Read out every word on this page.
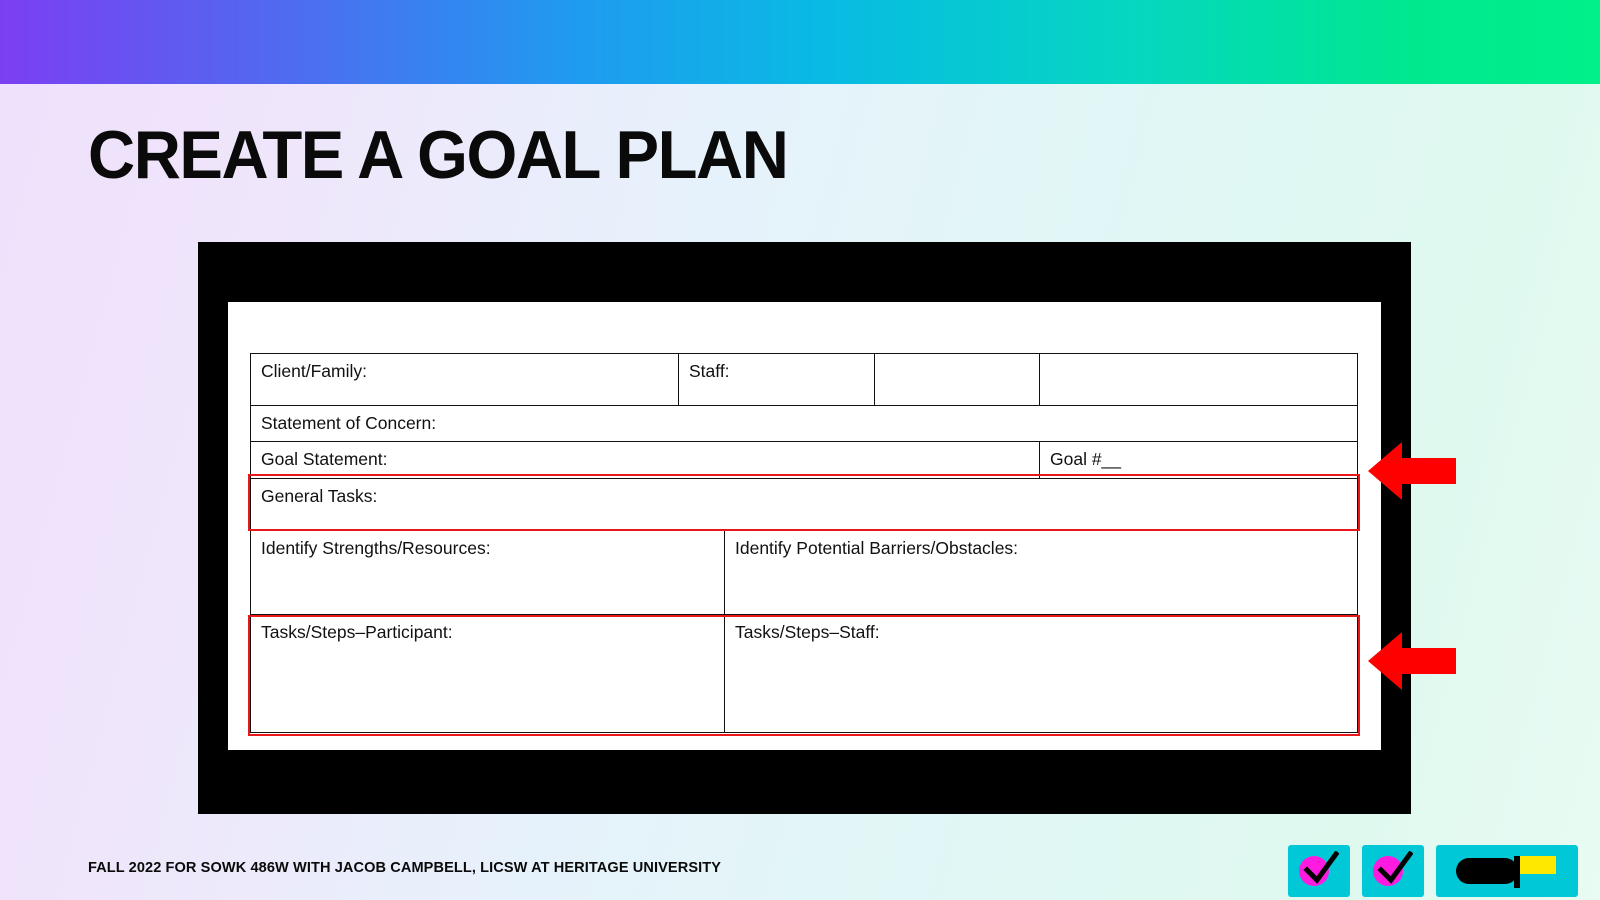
CREATE A GOAL PLAN
Client/Family:	Staff:
Statement of Concern:
Goal Statement:	Goal #__
General Tasks:
Identify Strengths/Resources:	Identify Potential Barriers/Obstacles:
Tasks/Steps–Participant:	Tasks/Steps–Staff:
FALL 2022 FOR SOWK 486W WITH JACOB CAMPBELL, LICSW AT HERITAGE UNIVERSITY
